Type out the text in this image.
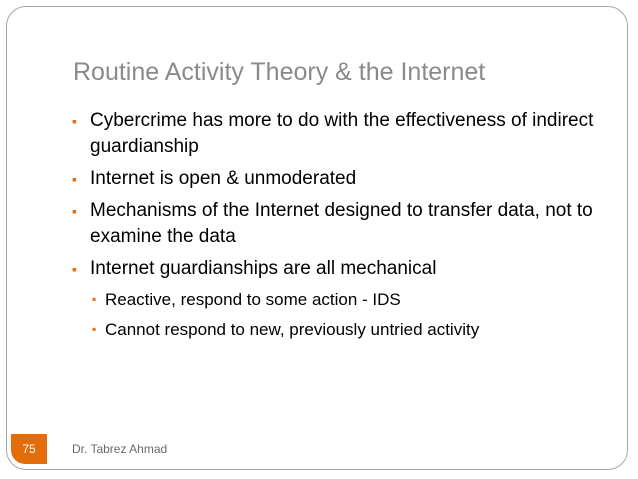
Routine Activity Theory & the Internet
▪ Cybercrime has more to do with the effectiveness of indirect guardianship
▪ Internet is open & unmoderated
▪ Mechanisms of the Internet designed to transfer data, not to examine the data
▪ Internet guardianships are all mechanical
▪ Reactive, respond to some action - IDS
▪ Cannot respond to new, previously untried activity
75	Dr. Tabrez Ahmad
